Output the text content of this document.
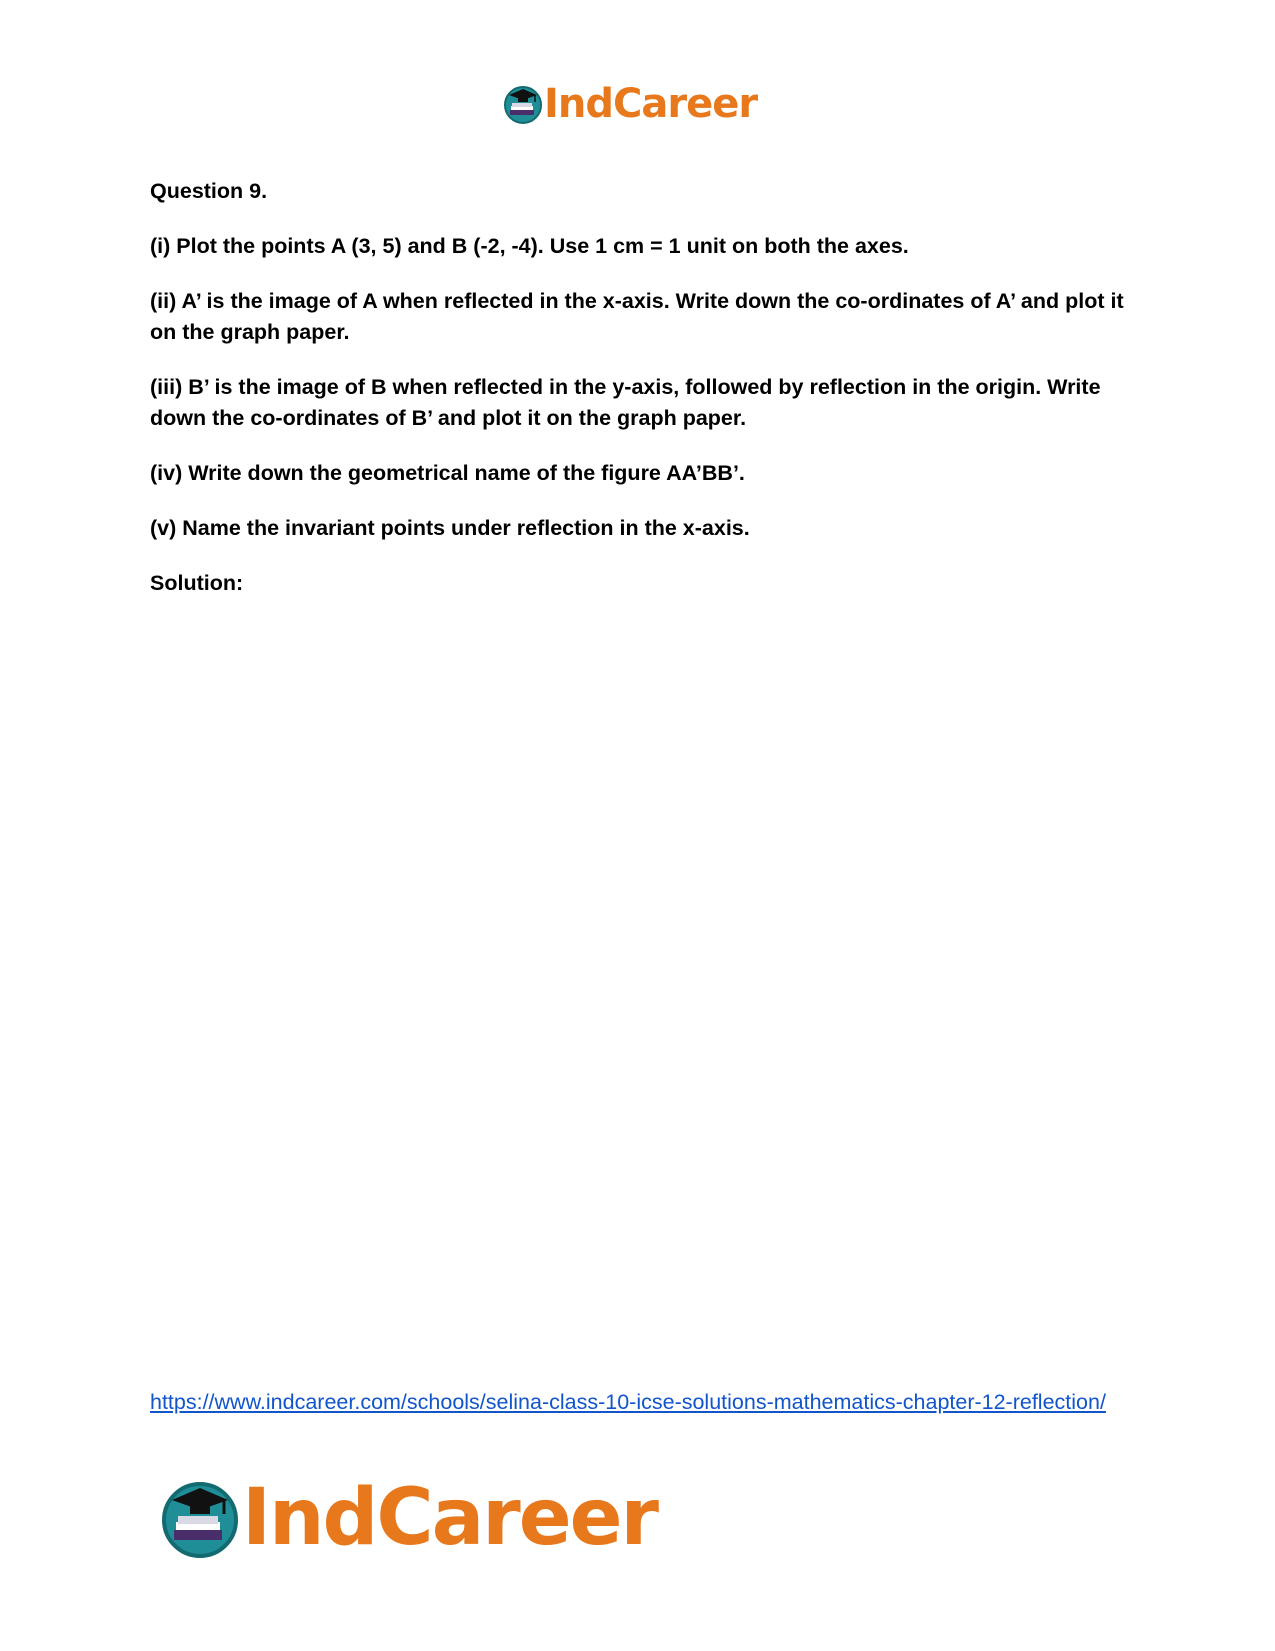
IndCareer

Question 9.

(i) Plot the points A (3, 5) and B (-2, -4). Use 1 cm = 1 unit on both the axes.

(ii) A’ is the image of A when reflected in the x-axis. Write down the co-ordinates of A’ and plot it on the graph paper.

(iii) B’ is the image of B when reflected in the y-axis, followed by reflection in the origin. Write down the co-ordinates of B’ and plot it on the graph paper.

(iv) Write down the geometrical name of the figure AA’BB’.

(v) Name the invariant points under reflection in the x-axis.

Solution:

https://www.indcareer.com/schools/selina-class-10-icse-solutions-mathematics-chapter-12-reflection/
IndCareer
